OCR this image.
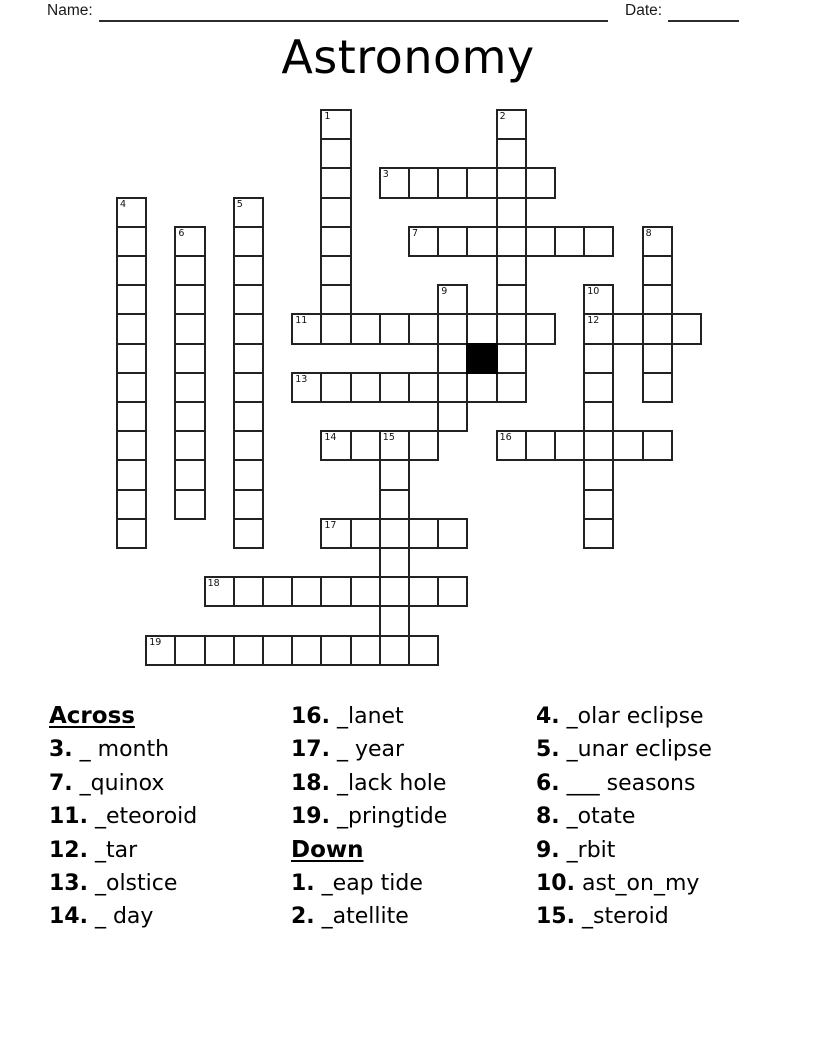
Name:	Date:
Astronomy
1	2
3
4	5
6	7	8
9	10
12
11
13
14	15	16
17
18
19
Across
3. _ month
7. _quinox
11. _eteoroid
12. _tar
13. _olstice
14. _ day
16. _lanet
17. _ year
18. _lack hole
19. _pringtide
Down
1. _eap tide
2. _atellite
4. _olar eclipse
5. _unar eclipse
6. ___ seasons
8. _otate
9. _rbit
10. ast_on_my
15. _steroid
